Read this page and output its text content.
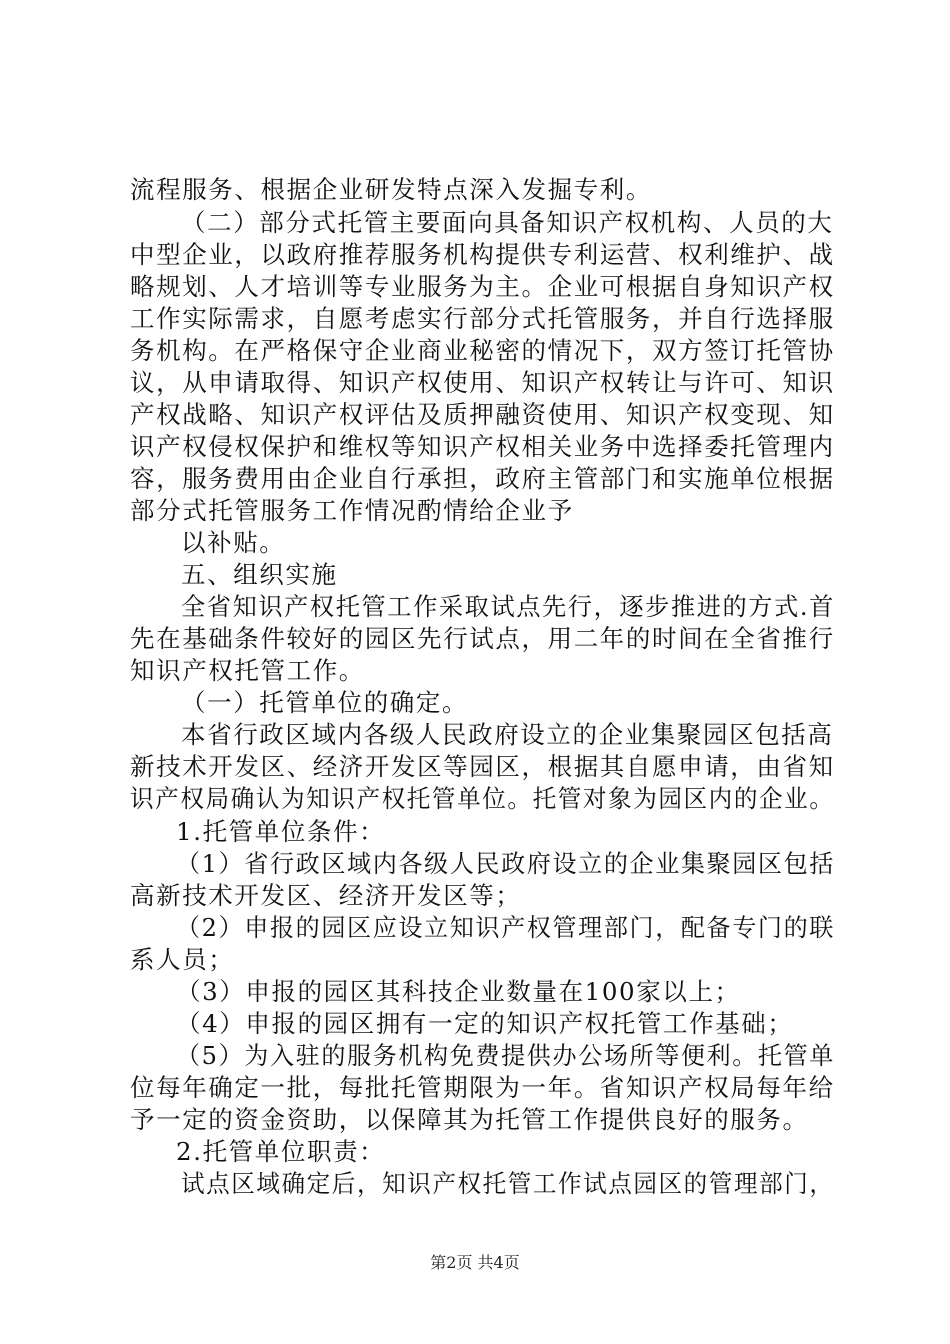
流程服务、根据企业研发特点深入发掘专利。
（二）部分式托管主要面向具备知识产权机构、人员的大
中型企业，以政府推荐服务机构提供专利运营、权利维护、战
略规划、人才培训等专业服务为主。企业可根据自身知识产权
工作实际需求，自愿考虑实行部分式托管服务，并自行选择服
务机构。在严格保守企业商业秘密的情况下，双方签订托管协
议，从申请取得、知识产权使用、知识产权转让与许可、知识
产权战略、知识产权评估及质押融资使用、知识产权变现、知
识产权侵权保护和维权等知识产权相关业务中选择委托管理内
容，服务费用由企业自行承担，政府主管部门和实施单位根据
部分式托管服务工作情况酌情给企业予
以补贴。
五、组织实施
全省知识产权托管工作采取试点先行，逐步推进的方式.首
先在基础条件较好的园区先行试点，用二年的时间在全省推行
知识产权托管工作。
（一）托管单位的确定。
本省行政区域内各级人民政府设立的企业集聚园区包括高
新技术开发区、经济开发区等园区，根据其自愿申请，由省知
识产权局确认为知识产权托管单位。托管对象为园区内的企业。
1.托管单位条件：
（1）省行政区域内各级人民政府设立的企业集聚园区包括
高新技术开发区、经济开发区等；
（2）申报的园区应设立知识产权管理部门，配备专门的联
系人员；
（3）申报的园区其科技企业数量在100家以上；
（4）申报的园区拥有一定的知识产权托管工作基础；
（5）为入驻的服务机构免费提供办公场所等便利。托管单
位每年确定一批，每批托管期限为一年。省知识产权局每年给
予一定的资金资助，以保障其为托管工作提供良好的服务。
2.托管单位职责：
试点区域确定后，知识产权托管工作试点园区的管理部门，
第2页 共4页
